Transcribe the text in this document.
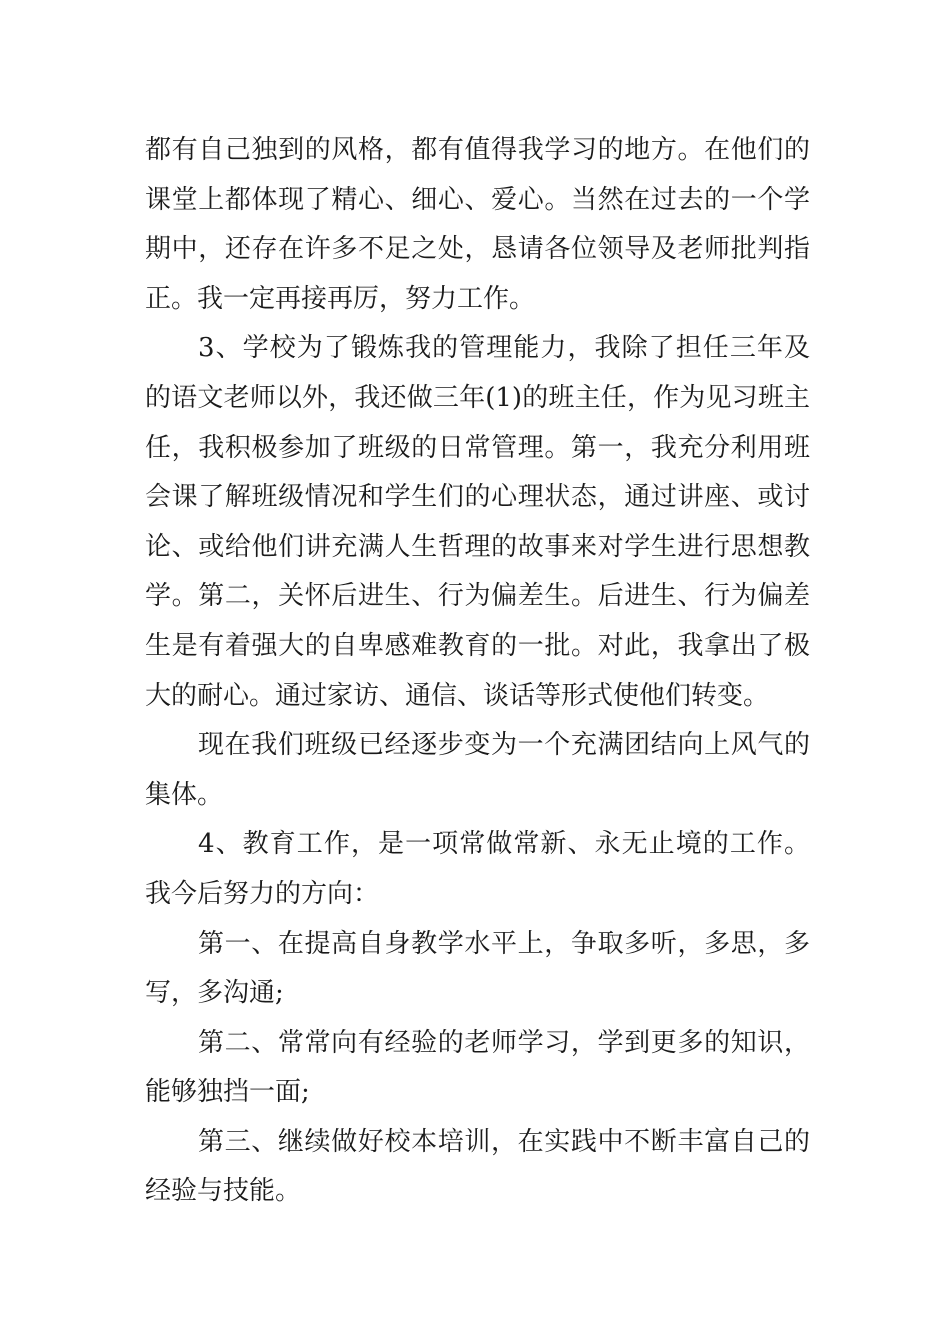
都有自己独到的风格，都有值得我学习的地方。在他们的课堂上都体现了精心、细心、爱心。当然在过去的一个学期中，还存在许多不足之处，恳请各位领导及老师批判指正。我一定再接再厉，努力工作。

3、学校为了锻炼我的管理能力，我除了担任三年及的语文老师以外，我还做三年(1)的班主任，作为见习班主任，我积极参加了班级的日常管理。第一，我充分利用班会课了解班级情况和学生们的心理状态，通过讲座、或讨论、或给他们讲充满人生哲理的故事来对学生进行思想教学。第二，关怀后进生、行为偏差生。后进生、行为偏差生是有着强大的自卑感难教育的一批。对此，我拿出了极大的耐心。通过家访、通信、谈话等形式使他们转变。

现在我们班级已经逐步变为一个充满团结向上风气的集体。

4、教育工作，是一项常做常新、永无止境的工作。我今后努力的方向：

第一、在提高自身教学水平上，争取多听，多思，多写，多沟通;

第二、常常向有经验的老师学习，学到更多的知识，能够独挡一面;

第三、继续做好校本培训，在实践中不断丰富自己的经验与技能。
